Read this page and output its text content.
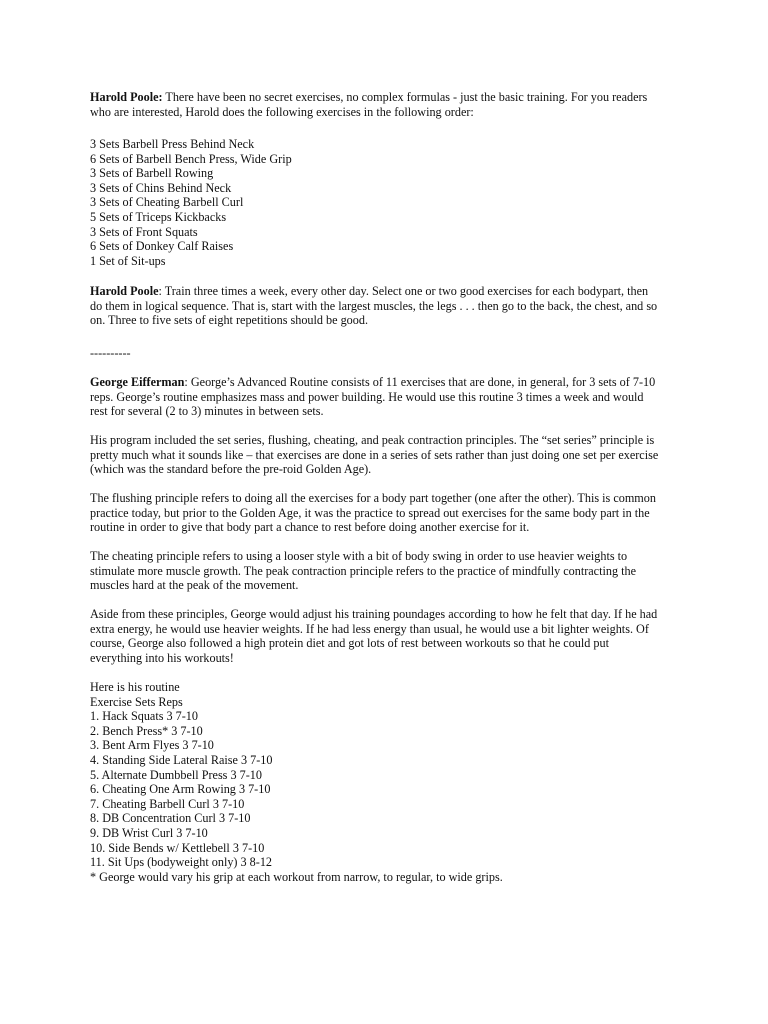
Harold Poole: There have been no secret exercises, no complex formulas - just the basic training. For you readers
who are interested, Harold does the following exercises in the following order:

3 Sets Barbell Press Behind Neck
6 Sets of Barbell Bench Press, Wide Grip
3 Sets of Barbell Rowing
3 Sets of Chins Behind Neck
3 Sets of Cheating Barbell Curl
5 Sets of Triceps Kickbacks
3 Sets of Front Squats
6 Sets of Donkey Calf Raises
1 Set of Sit-ups

Harold Poole: Train three times a week, every other day. Select one or two good exercises for each bodypart, then
do them in logical sequence. That is, start with the largest muscles, the legs . . . then go to the back, the chest, and so
on. Three to five sets of eight repetitions should be good.

----------

George Eifferman: George’s Advanced Routine consists of 11 exercises that are done, in general, for 3 sets of 7-10
reps. George’s routine emphasizes mass and power building. He would use this routine 3 times a week and would
rest for several (2 to 3) minutes in between sets.

His program included the set series, flushing, cheating, and peak contraction principles. The “set series” principle is
pretty much what it sounds like – that exercises are done in a series of sets rather than just doing one set per exercise
(which was the standard before the pre-roid Golden Age).

The flushing principle refers to doing all the exercises for a body part together (one after the other). This is common
practice today, but prior to the Golden Age, it was the practice to spread out exercises for the same body part in the
routine in order to give that body part a chance to rest before doing another exercise for it.

The cheating principle refers to using a looser style with a bit of body swing in order to use heavier weights to
stimulate more muscle growth. The peak contraction principle refers to the practice of mindfully contracting the
muscles hard at the peak of the movement.

Aside from these principles, George would adjust his training poundages according to how he felt that day. If he had
extra energy, he would use heavier weights. If he had less energy than usual, he would use a bit lighter weights. Of
course, George also followed a high protein diet and got lots of rest between workouts so that he could put
everything into his workouts!

Here is his routine
Exercise Sets Reps
1. Hack Squats 3 7-10
2. Bench Press* 3 7-10
3. Bent Arm Flyes 3 7-10
4. Standing Side Lateral Raise 3 7-10
5. Alternate Dumbbell Press 3 7-10
6. Cheating One Arm Rowing 3 7-10
7. Cheating Barbell Curl 3 7-10
8. DB Concentration Curl 3 7-10
9. DB Wrist Curl 3 7-10
10. Side Bends w/ Kettlebell 3 7-10
11. Sit Ups (bodyweight only) 3 8-12
* George would vary his grip at each workout from narrow, to regular, to wide grips.
